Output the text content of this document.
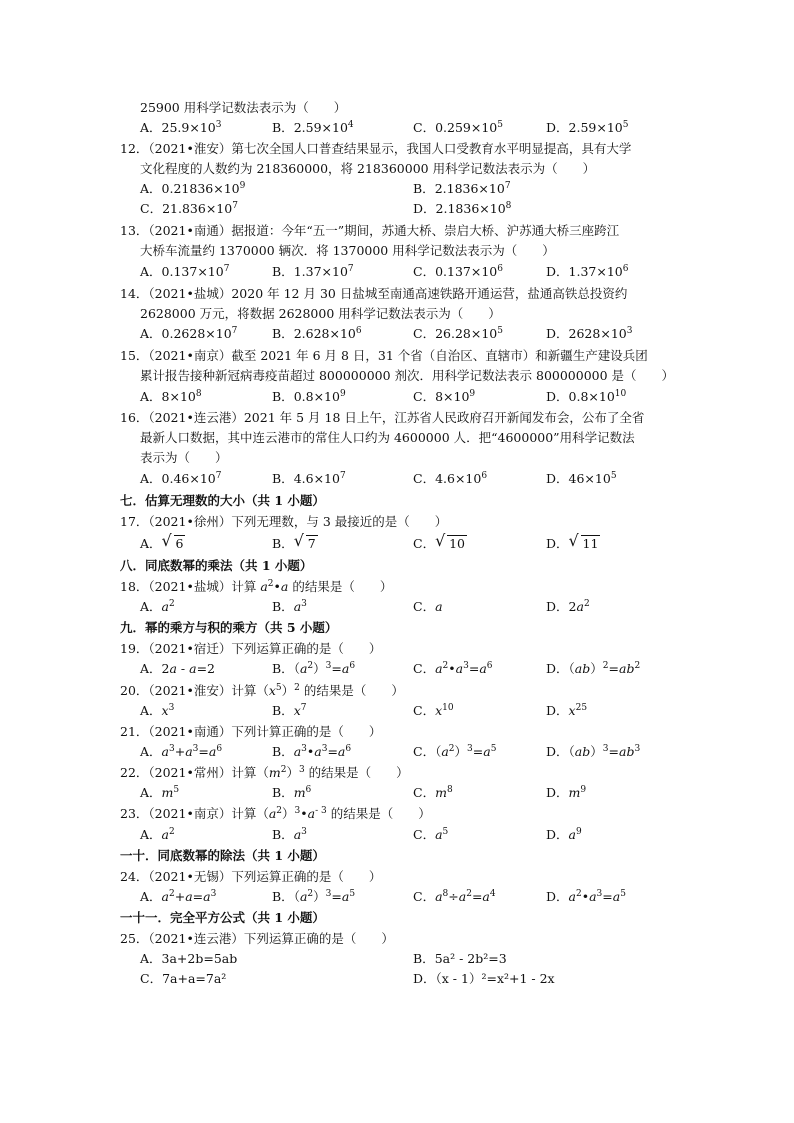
25900 用科学记数法表示为（　　）
A．$25.9\times 10^3$	B．$2.59\times 10^4$	C．$0.259\times 10^5$	D．$2.59\times 10^5$
12．（2021•淮安）第七次全国人口普查结果显示，我国人口受教育水平明显提高，具有大学
文化程度的人数约为 218360000，将 218360000 用科学记数法表示为（　　）
A．$0.21836\times 10^9$	B．$2.1836\times 10^7$
C．$21.836\times 10^7$	D．$2.1836\times 10^8$
13．（2021•南通）据报道：今年“五一”期间，苏通大桥、崇启大桥、沪苏通大桥三座跨江
大桥车流量约 1370000 辆次．将 1370000 用科学记数法表示为（　　）
A．$0.137\times 10^7$	B．$1.37\times 10^7$	C．$0.137\times 10^6$	D．$1.37\times 10^6$
14．（2021•盐城）2020 年 12 月 30 日盐城至南通高速铁路开通运营，盐通高铁总投资约
2628000 万元，将数据 2628000 用科学记数法表示为（　　）
A．$0.2628\times 10^7$	B．$2.628\times 10^6$	C．$26.28\times 10^5$	D．$2628\times 10^3$
15．（2021•南京）截至 2021 年 6 月 8 日，31 个省（自治区、直辖市）和新疆生产建设兵团
累计报告接种新冠病毒疫苗超过 800000000 剂次．用科学记数法表示 800000000 是（　　）
A．$8\times 10^8$	B．$0.8\times 10^9$	C．$8\times 10^9$	D．$0.8\times 10^{10}$
16．（2021•连云港）2021 年 5 月 18 日上午，江苏省人民政府召开新闻发布会，公布了全省
最新人口数据，其中连云港市的常住人口约为 4600000 人．把“4600000”用科学记数法
表示为（　　）
A．$0.46\times 10^7$	B．$4.6\times 10^7$	C．$4.6\times 10^6$	D．$46\times 10^5$
七．估算无理数的大小（共 1 小题）
17．（2021•徐州）下列无理数，与 3 最接近的是（　　）
A． √ 6	B． √ 7	C． √ 10	D． √ 11
八．同底数幂的乘法（共 1 小题）
18．（2021•盐城）计算 $a^2•a$ 的结果是（　　）
A．$a^2$	B．$a^3$	C．a	D．$2a^2$
九．幂的乘方与积的乘方（共 5 小题）
19．（2021•宿迁）下列运算正确的是（　　）
A．2a - a=2	B．$(a^2)^3=a^6$	C．$a^2•a^3=a^6$	D．$(ab)^2=ab^2$
20．（2021•淮安）计算$(x^5)^2$ 的结果是（　　）
A．$x^3$	B．$x^7$	C．$x^{10}$	D．$x^{25}$
21．（2021•南通）下列计算正确的是（　　）
A．$a^3+a^3=a^6$	B．$a^3•a^3=a^6$	C．$(a^2)^3=a^5$	D．$(ab)^3=ab^3$
22．（2021•常州）计算$(m^2)^3$ 的结果是（　　）
A．$m^5$	B．$m^6$	C．$m^8$	D．$m^9$
23．（2021•南京）计算$(a^2)^3•a^{- 3}$ 的结果是（　　）
A．$a^2$	B．$a^3$	C．$a^5$	D．$a^9$
一十．同底数幂的除法（共 1 小题）
24．（2021•无锡）下列运算正确的是（　　）
A．$a^2+a=a^3$	B．$(a^2)^3=a^5$	C．$a^8\div a^2=a^4$	D．$a^2•a^3=a^5$
一十一．完全平方公式（共 1 小题）
25．（2021•连云港）下列运算正确的是（　　）
A．3a+2b=5ab	B．5a² - 2b²=3
C．7a+a=7a²	D．（x - 1）²=x²+1 - 2x
